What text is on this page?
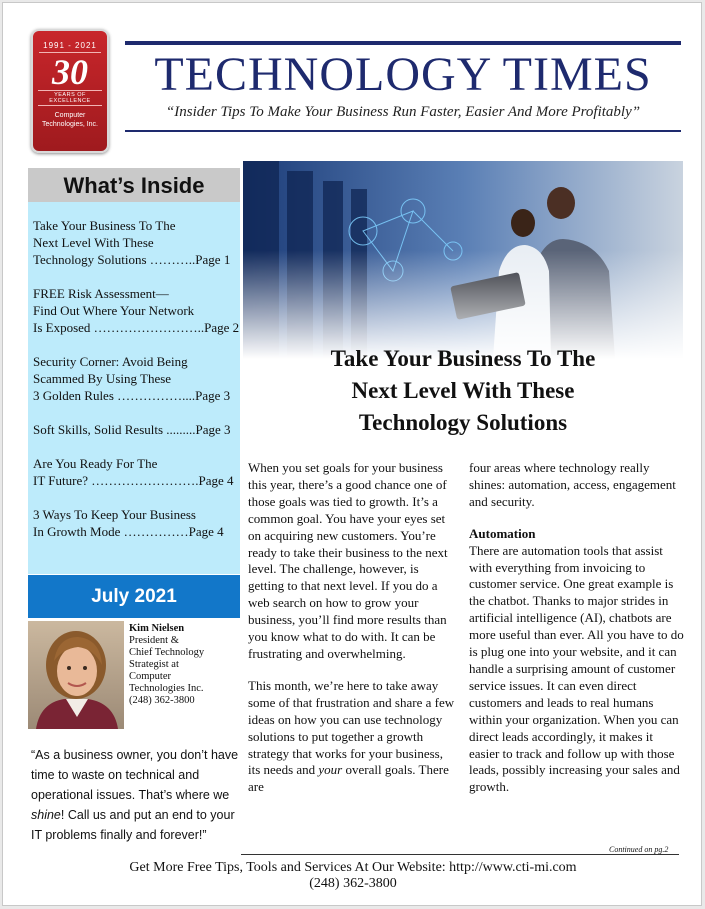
1991 - 2021
30
YEARS OF EXCELLENCE
Computer
Technologies, Inc.
TECHNOLOGY TIMES
“Insider Tips To Make Your Business Run Faster, Easier And More Profitably”
What’s Inside
Take Your Business To The
Next Level With These
Technology Solutions ………..Page 1
FREE Risk Assessment—
Find Out Where Your Network
Is Exposed ……………………..Page 2
Security Corner: Avoid Being
Scammed By Using These
3 Golden Rules ……………....Page 3
Soft Skills, Solid Results .........Page 3
Are You Ready For The
IT Future? …………………….Page 4
3 Ways To Keep Your Business
In Growth Mode ……………Page 4
July 2021
Kim Nielsen
President &
Chief Technology
Strategist at
Computer
Technologies Inc.
(248) 362-3800
“As a business owner, you don’t have time to waste on technical and operational issues. That’s where we shine! Call us and put an end to your IT problems finally and forever!”
Take Your Business To The
Next Level With These
Technology Solutions

When you set goals for your business this year, there’s a good chance one of those goals was tied to growth. It’s a common goal. You have your eyes set on acquiring new customers. You’re ready to take their business to the next level. The challenge, however, is getting to that next level. If you do a web search on how to grow your business, you’ll find more results than you know what to do with. It can be frustrating and overwhelming.

This month, we’re here to take away some of that frustration and share a few ideas on how you can use technology solutions to put together a growth strategy that works for your business, its needs and your overall goals. There are

four areas where technology really shines: automation, access, engagement and security.

Automation

There are automation tools that assist with everything from invoicing to customer service. One great example is the chatbot. Thanks to major strides in artificial intelligence (AI), chatbots are more useful than ever. All you have to do is plug one into your website, and it can handle a surprising amount of customer service issues. It can even direct customers and leads to real humans within your organization. When you can direct leads accordingly, it makes it easier to track and follow up with those leads, possibly increasing your sales and growth.

Continued on pg.2
Get More Free Tips, Tools and Services At Our Website: http://www.cti-mi.com
(248) 362-3800
